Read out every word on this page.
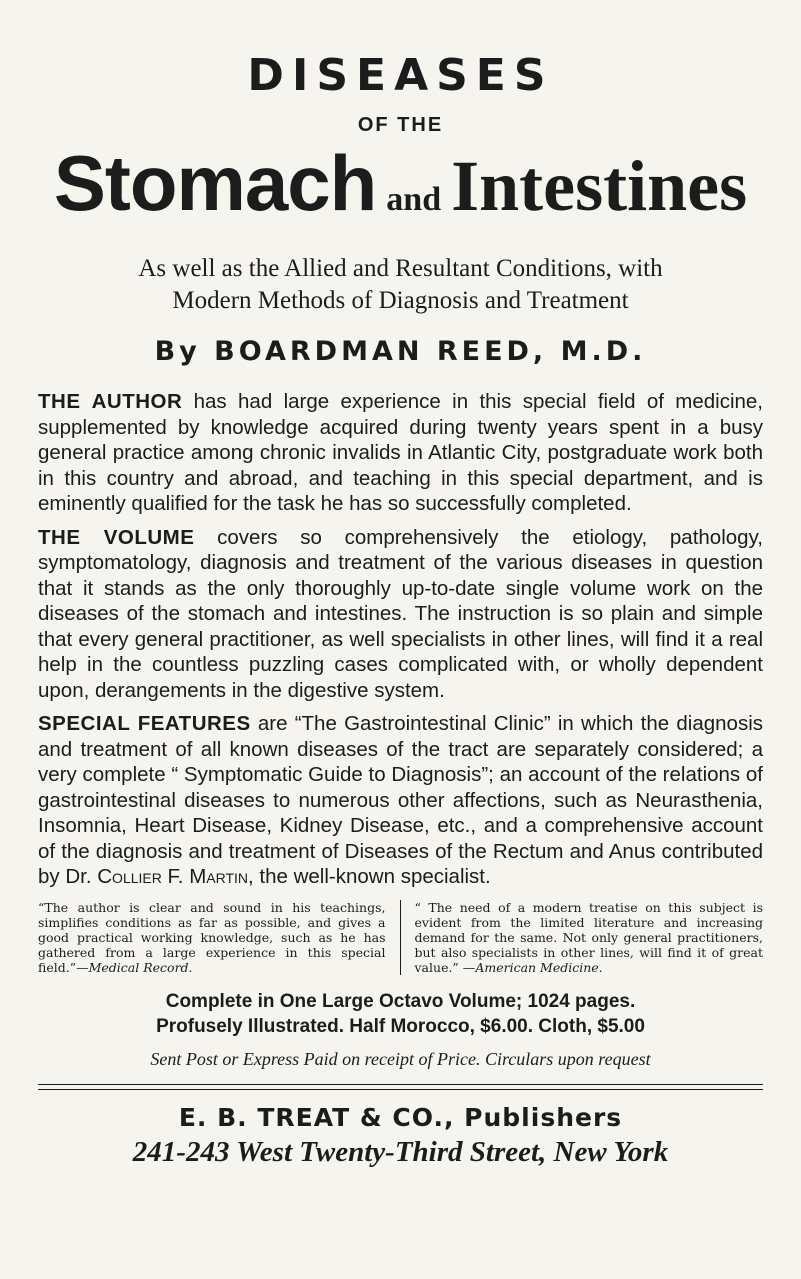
DISEASES
OF THE
Stomach and Intestines
As well as the Allied and Resultant Conditions, with
Modern Methods of Diagnosis and Treatment
By BOARDMAN REED, M.D.

THE AUTHOR has had large experience in this special field of medicine, supplemented by knowledge acquired during twenty years spent in a busy general practice among chronic invalids in Atlantic City, postgraduate work both in this country and abroad, and teaching in this special department, and is eminently qualified for the task he has so successfully completed.

THE VOLUME covers so comprehensively the etiology, pathology, symptomatology, diagnosis and treatment of the various diseases in question that it stands as the only thoroughly up-to-date single volume work on the diseases of the stomach and intestines. The instruction is so plain and simple that every general practitioner, as well specialists in other lines, will find it a real help in the countless puzzling cases complicated with, or wholly dependent upon, derangements in the digestive system.

SPECIAL FEATURES are “The Gastrointestinal Clinic” in which the diagnosis and treatment of all known diseases of the tract are separately considered; a very complete “ Symptomatic Guide to Diagnosis”; an account of the relations of gastrointestinal diseases to numerous other affections, such as Neurasthenia, Insomnia, Heart Disease, Kidney Disease, etc., and a comprehensive account of the diagnosis and treatment of Diseases of the Rectum and Anus contributed by Dr. Collier F. Martin, the well-known specialist.

“The author is clear and sound in his teachings, simplifies conditions as far as possible, and gives a good practical working knowledge, such as he has gathered from a large experience in this special field.”—Medical Record.
“ The need of a modern treatise on this subject is evident from the limited literature and increasing demand for the same. Not only general practitioners, but also specialists in other lines, will find it of great value.” —American Medicine.
Complete in One Large Octavo Volume; 1024 pages.
Profusely Illustrated. Half Morocco, $6.00. Cloth, $5.00
Sent Post or Express Paid on receipt of Price. Circulars upon request
E. B. TREAT & CO., Publishers
241-243 West Twenty-Third Street, New York
